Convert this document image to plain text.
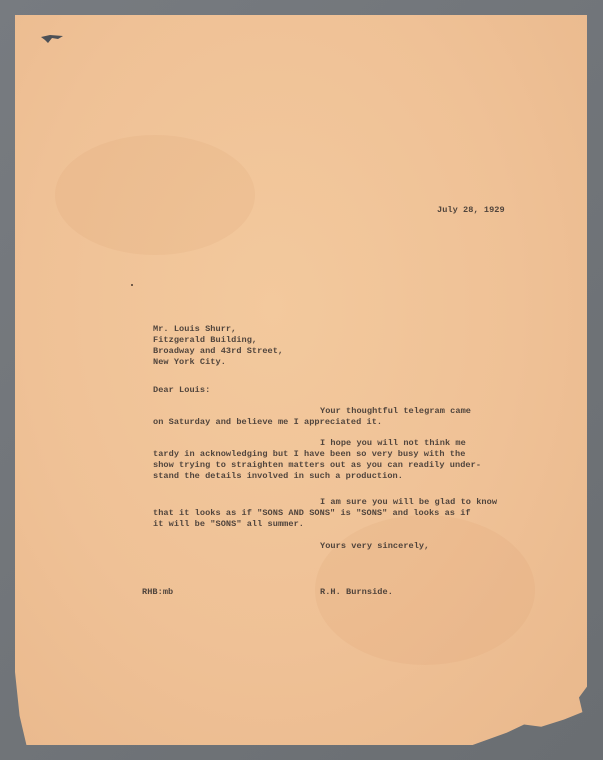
July 28, 1929
Mr. Louis Shurr,
Fitzgerald Building,
Broadway and 43rd Street,
New York City.
Dear Louis:
Your thoughtful telegram came
on Saturday and believe me I appreciated it.
I hope you will not think me
tardy in acknowledging but I have been so very busy with the
show trying to straighten matters out as you can readily under-
stand the details involved in such a production.
I am sure you will be glad to know
that it looks as if "SONS AND SONS" is "SONS" and looks as if
it will be "SONS" all summer.
Yours very sincerely,
RHB:mb	R.H. Burnside.
